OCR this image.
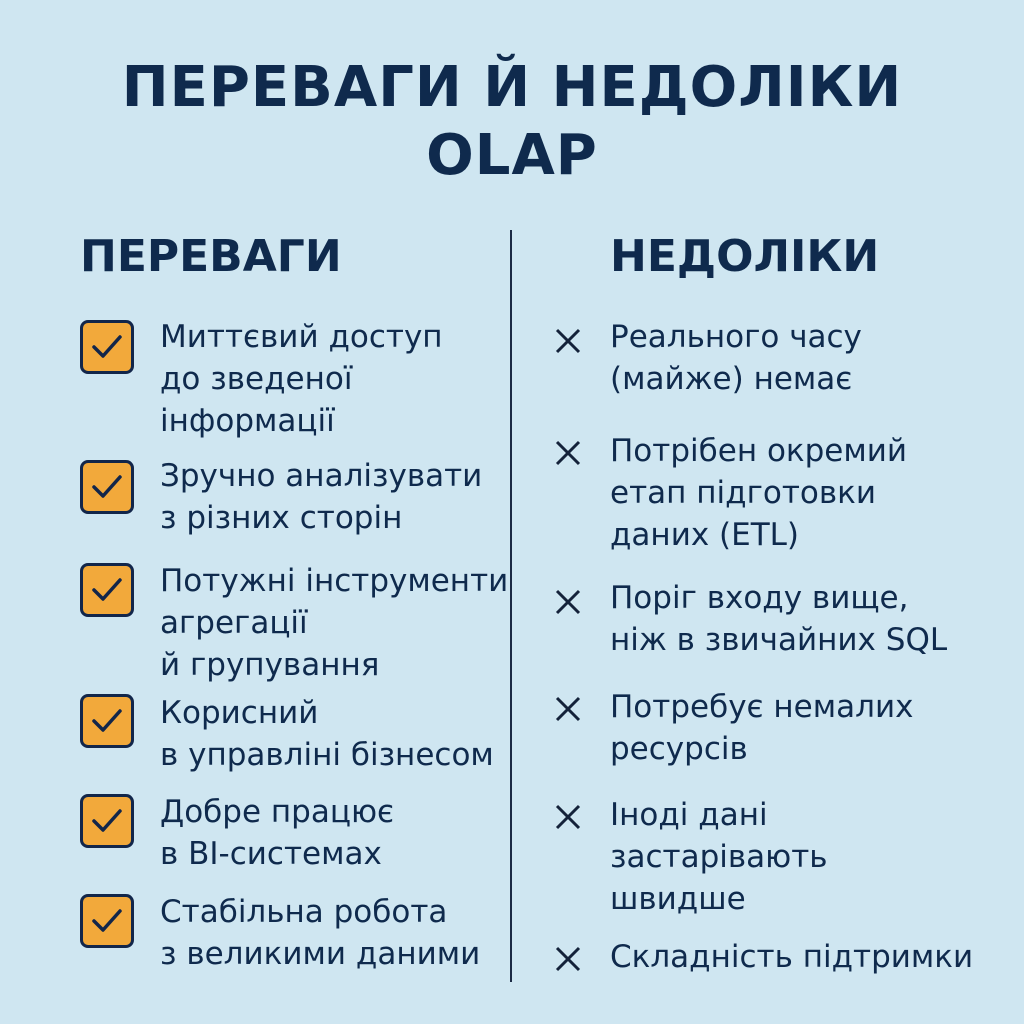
ПЕРЕВАГИ Й НЕДОЛІКИ
OLAP
ПЕРЕВАГИ	НЕДОЛІКИ
Миттєвий доступ
до зведеної
інформації
Зручно аналізувати
з різних сторін
Потужні інструменти
агрегації
й групування
Корисний
в управліні бізнесом
Добре працює
в BI-системах
Стабільна робота
з великими даними
Реального часу
(майже) немає
Потрібен окремий
етап підготовки
даних (ETL)
Поріг входу вище,
ніж в звичайних SQL
Потребує немалих
ресурсів
Іноді дані
застарівають
швидше
Складність підтримки
